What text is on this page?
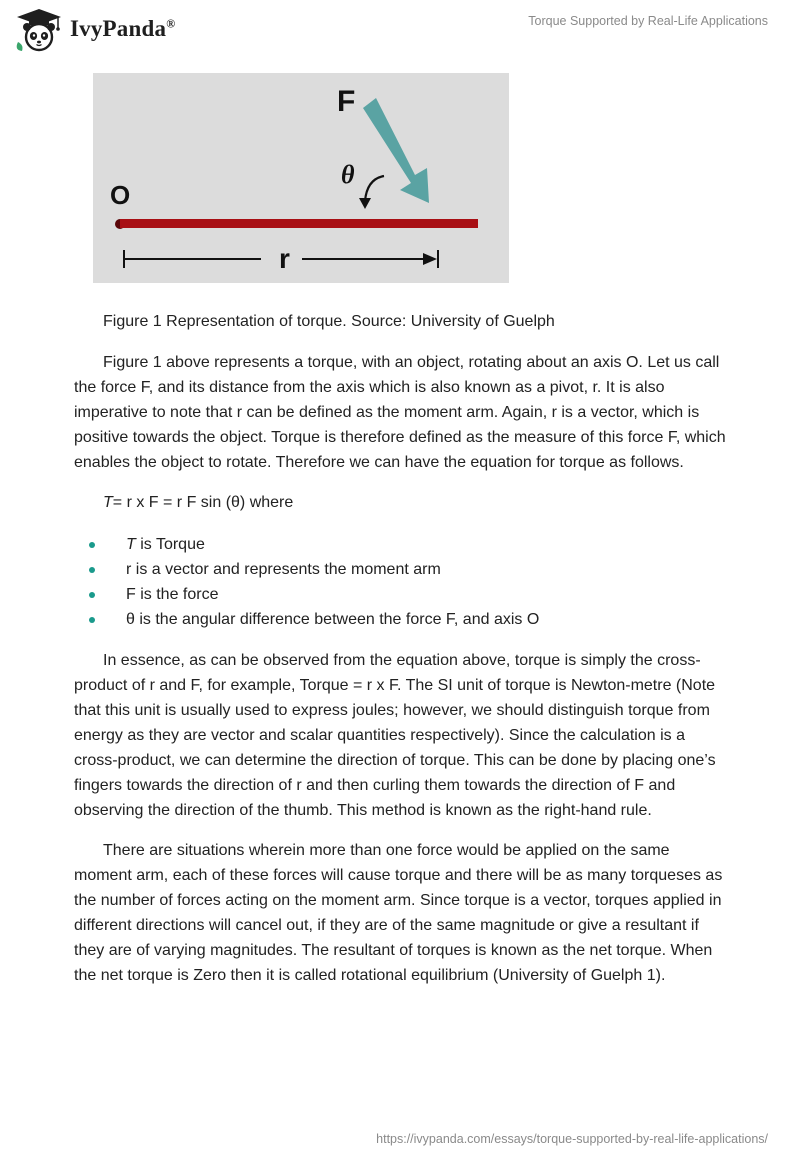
IvyPanda®	Torque Supported by Real-Life Applications
F
θ
O
r

Figure 1 Representation of torque. Source: University of Guelph

Figure 1 above represents a torque, with an object, rotating about an axis O. Let us call the force F, and its distance from the axis which is also known as a pivot, r. It is also imperative to note that r can be defined as the moment arm. Again, r is a vector, which is positive towards the object. Torque is therefore defined as the measure of this force F, which enables the object to rotate. Therefore we can have the equation for torque as follows.

T= r x F = r F sin (θ) where

T is Torque
r is a vector and represents the moment arm
F is the force
θ is the angular difference between the force F, and axis O

In essence, as can be observed from the equation above, torque is simply the cross-product of r and F, for example, Torque = r x F. The SI unit of torque is Newton-metre (Note that this unit is usually used to express joules; however, we should distinguish torque from energy as they are vector and scalar quantities respectively). Since the calculation is a cross-product, we can determine the direction of torque. This can be done by placing one’s fingers towards the direction of r and then curling them towards the direction of F and observing the direction of the thumb. This method is known as the right-hand rule.

There are situations wherein more than one force would be applied on the same moment arm, each of these forces will cause torque and there will be as many torqueses as the number of forces acting on the moment arm. Since torque is a vector, torques applied in different directions will cancel out, if they are of the same magnitude or give a resultant if they are of varying magnitudes. The resultant of torques is known as the net torque. When the net torque is Zero then it is called rotational equilibrium (University of Guelph 1).

https://ivypanda.com/essays/torque-supported-by-real-life-applications/
